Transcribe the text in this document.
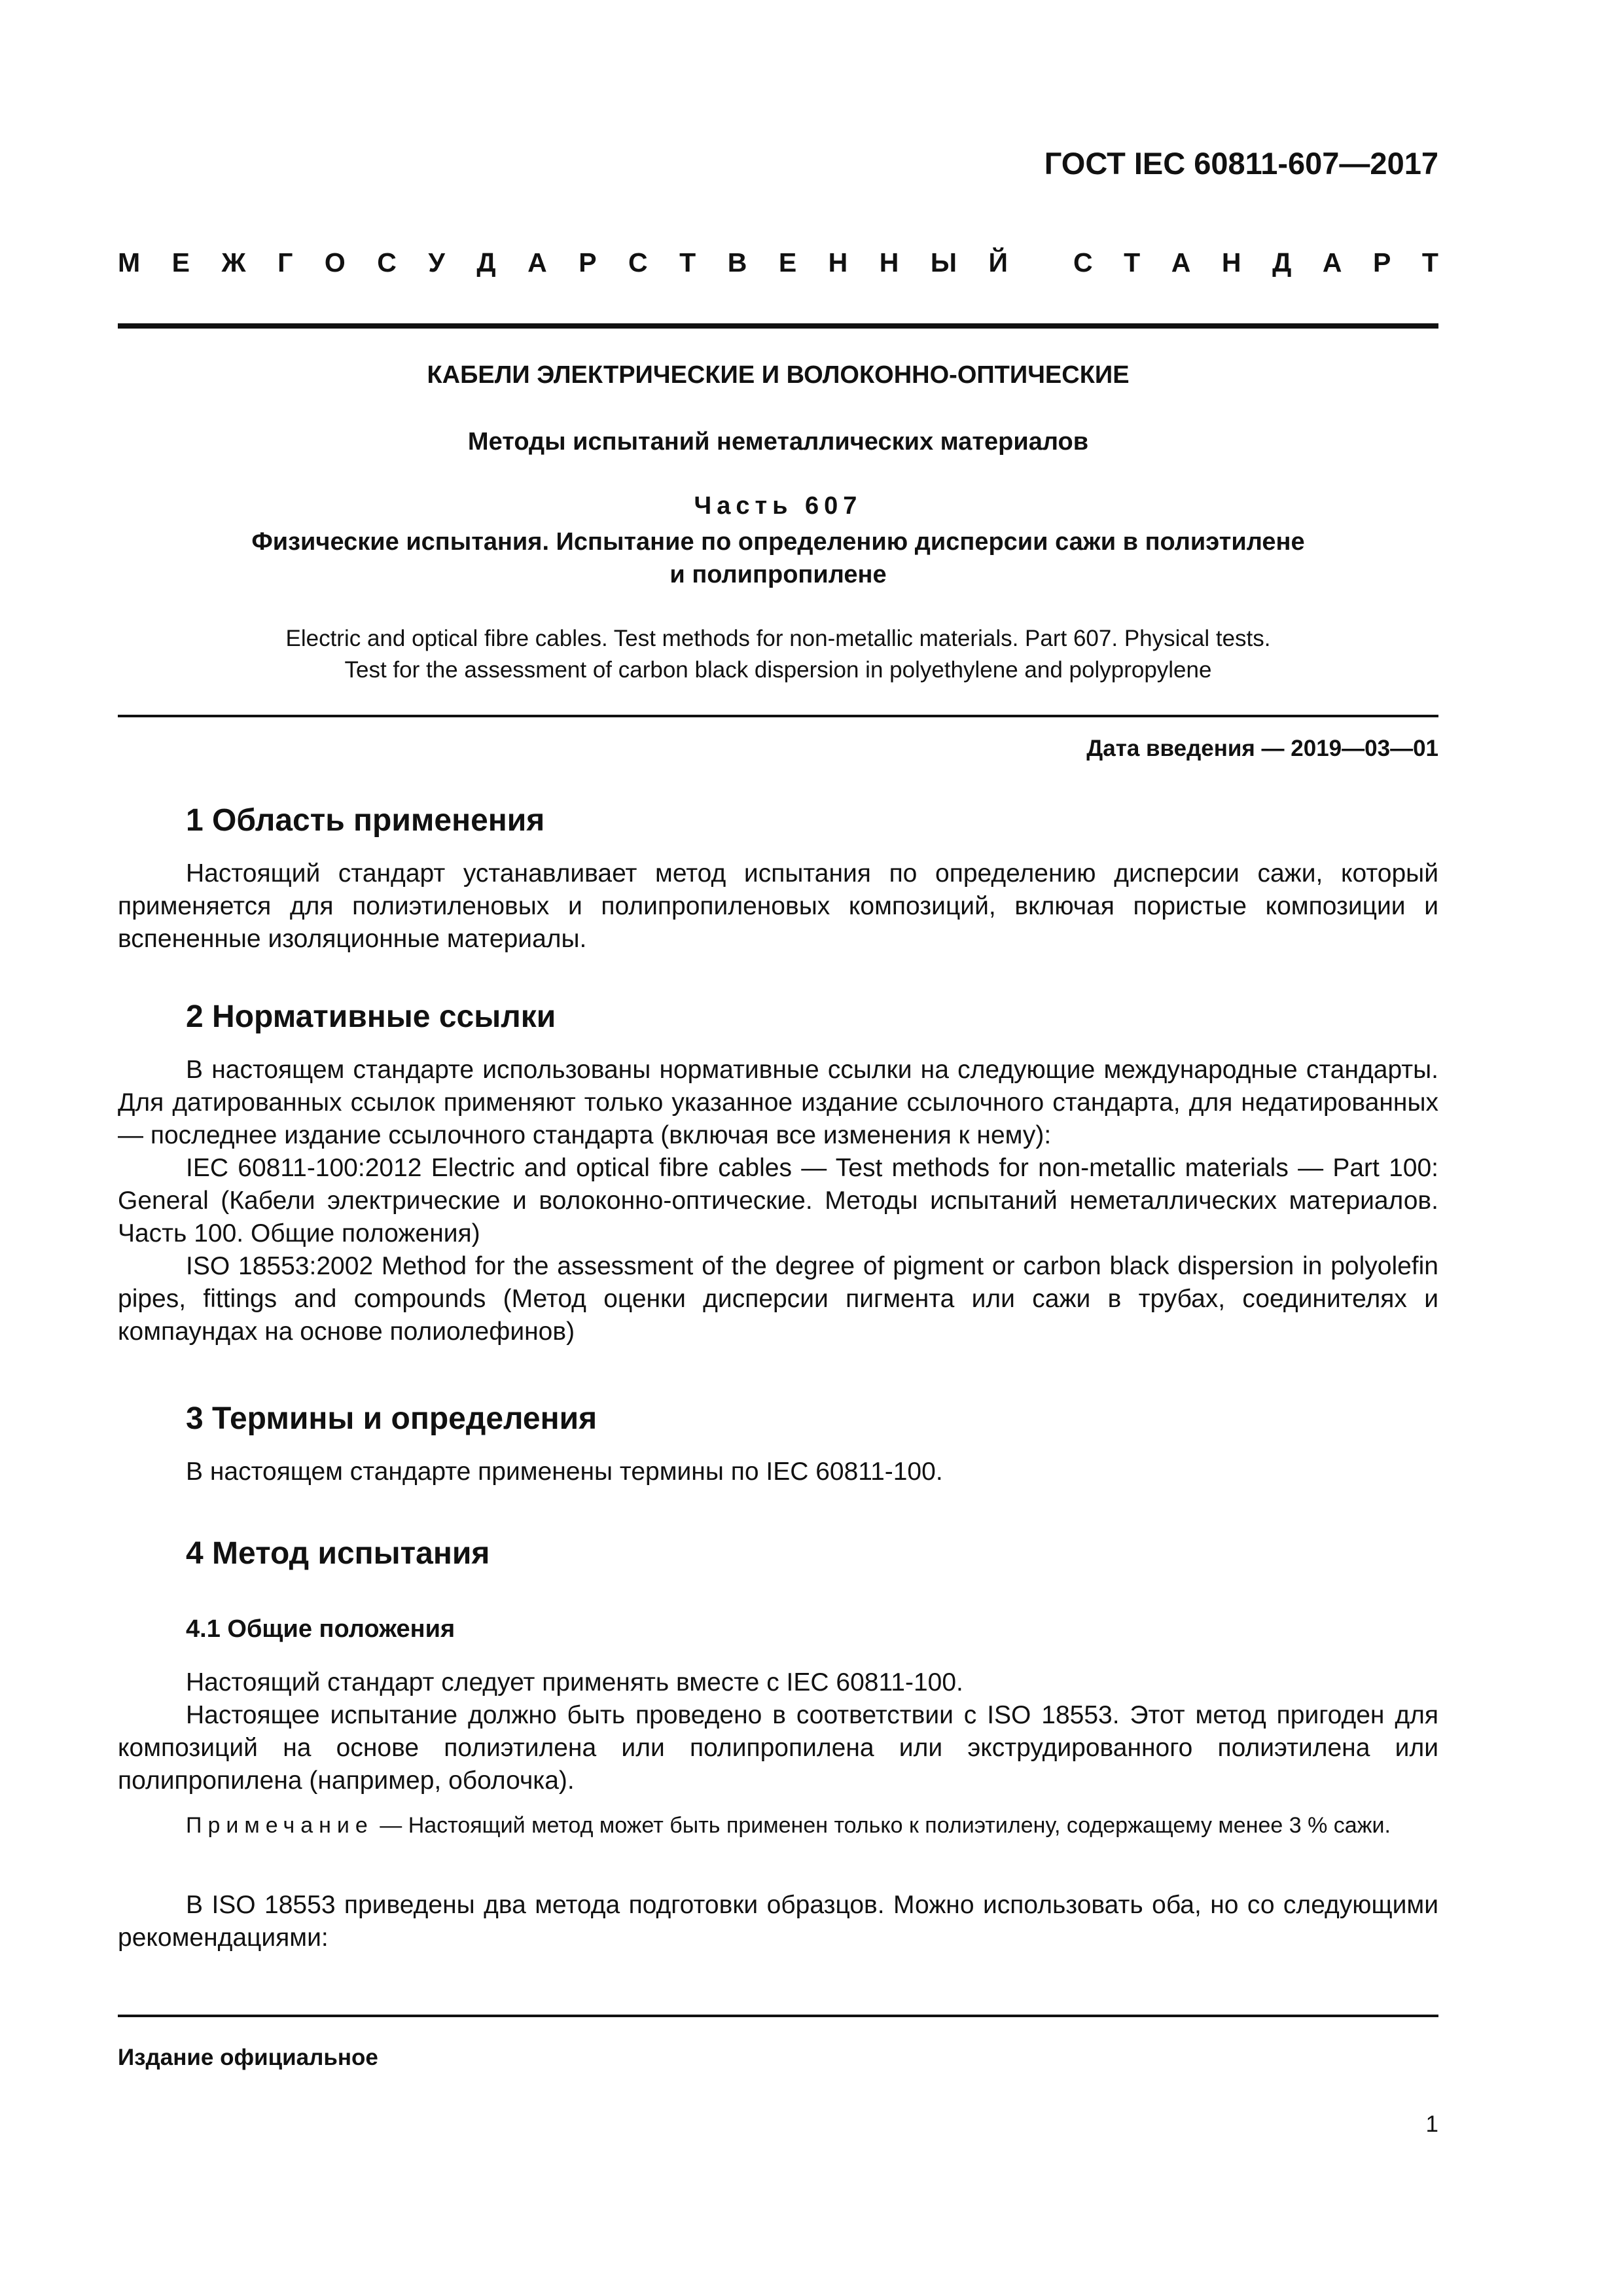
ГОСТ IEC 60811-607—2017
М Е Ж Г О С У Д А Р С Т В Е Н Н Ы Й С Т А Н Д А Р Т
КАБЕЛИ ЭЛЕКТРИЧЕСКИЕ И ВОЛОКОННО-ОПТИЧЕСКИЕ
Методы испытаний неметаллических материалов
Часть 607
Физические испытания. Испытание по определению дисперсии сажи в полиэтилене
и полипропилене
Electric and optical fibre cables. Test methods for non-metallic materials. Part 607. Physical tests.
Test for the assessment of carbon black dispersion in polyethylene and polypropylene
Дата введения — 2019—03—01
1 Область применения

Настоящий стандарт устанавливает метод испытания по определению дисперсии сажи, который применяется для полиэтиленовых и полипропиленовых композиций, включая пористые композиции и вспененные изоляционные материалы.

2 Нормативные ссылки

В настоящем стандарте использованы нормативные ссылки на следующие международные стандарты. Для датированных ссылок применяют только указанное издание ссылочного стандарта, для недатированных — последнее издание ссылочного стандарта (включая все изменения к нему):

IEC 60811-100:2012 Electric and optical fibre cables — Test methods for non-metallic materials — Part 100: General (Кабели электрические и волоконно-оптические. Методы испытаний неметаллических материалов. Часть 100. Общие положения)

ISO 18553:2002 Method for the assessment of the degree of pigment or carbon black dispersion in polyolefin pipes, fittings and compounds (Метод оценки дисперсии пигмента или сажи в трубах, соединителях и компаундах на основе полиолефинов)

3 Термины и определения

В настоящем стандарте применены термины по IEC 60811-100.

4 Метод испытания
4.1 Общие положения

Настоящий стандарт следует применять вместе с IEC 60811-100.

Настоящее испытание должно быть проведено в соответствии с ISO 18553. Этот метод пригоден для композиций на основе полиэтилена или полипропилена или экструдированного полиэтилена или полипропилена (например, оболочка).

Примечание — Настоящий метод может быть применен только к полиэтилену, содержащему менее 3 % сажи.

В ISO 18553 приведены два метода подготовки образцов. Можно использовать оба, но со следующими рекомендациями:

Издание официальное
1
